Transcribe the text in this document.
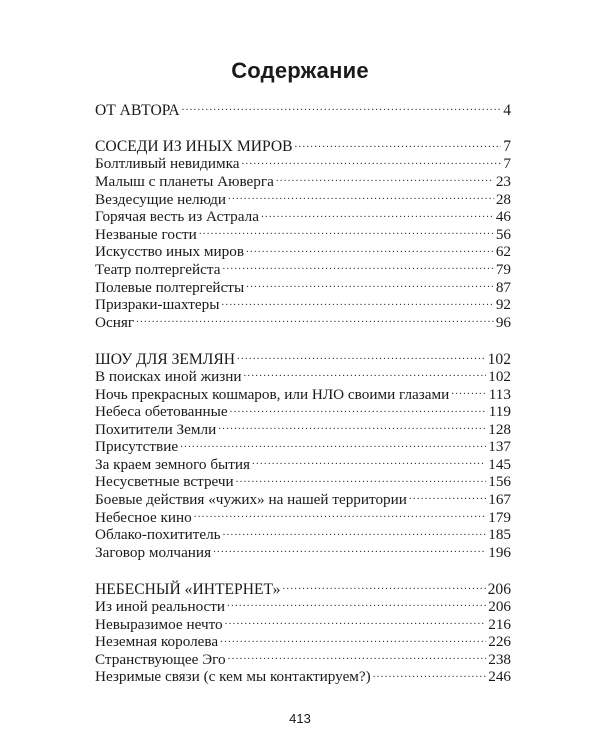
Содержание
ОТ АВТОРА .....	4
СОСЕДИ ИЗ ИНЫХ МИРОВ .....	7
Болтливый невидимка .....	7
Малыш с планеты Аюверга .....	23
Вездесущие нелюди .....	28
Горячая весть из Астрала .....	46
Незваные гости .....	56
Искусство иных миров .....	62
Театр полтергейста .....	79
Полевые полтергейсты .....	87
Призраки-шахтеры .....	92
Осняг .....	96
ШОУ ДЛЯ ЗЕМЛЯН .....	102
В поисках иной жизни .....	102
Ночь прекрасных кошмаров, или НЛО своими глазами .....	113
Небеса обетованные .....	119
Похитители Земли .....	128
Присутствие .....	137
За краем земного бытия .....	145
Несусветные встречи .....	156
Боевые действия «чужих» на нашей территории .....	167
Небесное кино .....	179
Облако-похититель .....	185
Заговор молчания .....	196
НЕБЕСНЫЙ «ИНТЕРНЕТ» .....	206
Из иной реальности .....	206
Невыразимое нечто .....	216
Неземная королева .....	226
Странствующее Эго .....	238
Незримые связи (с кем мы контактируем?) .....	246
413
